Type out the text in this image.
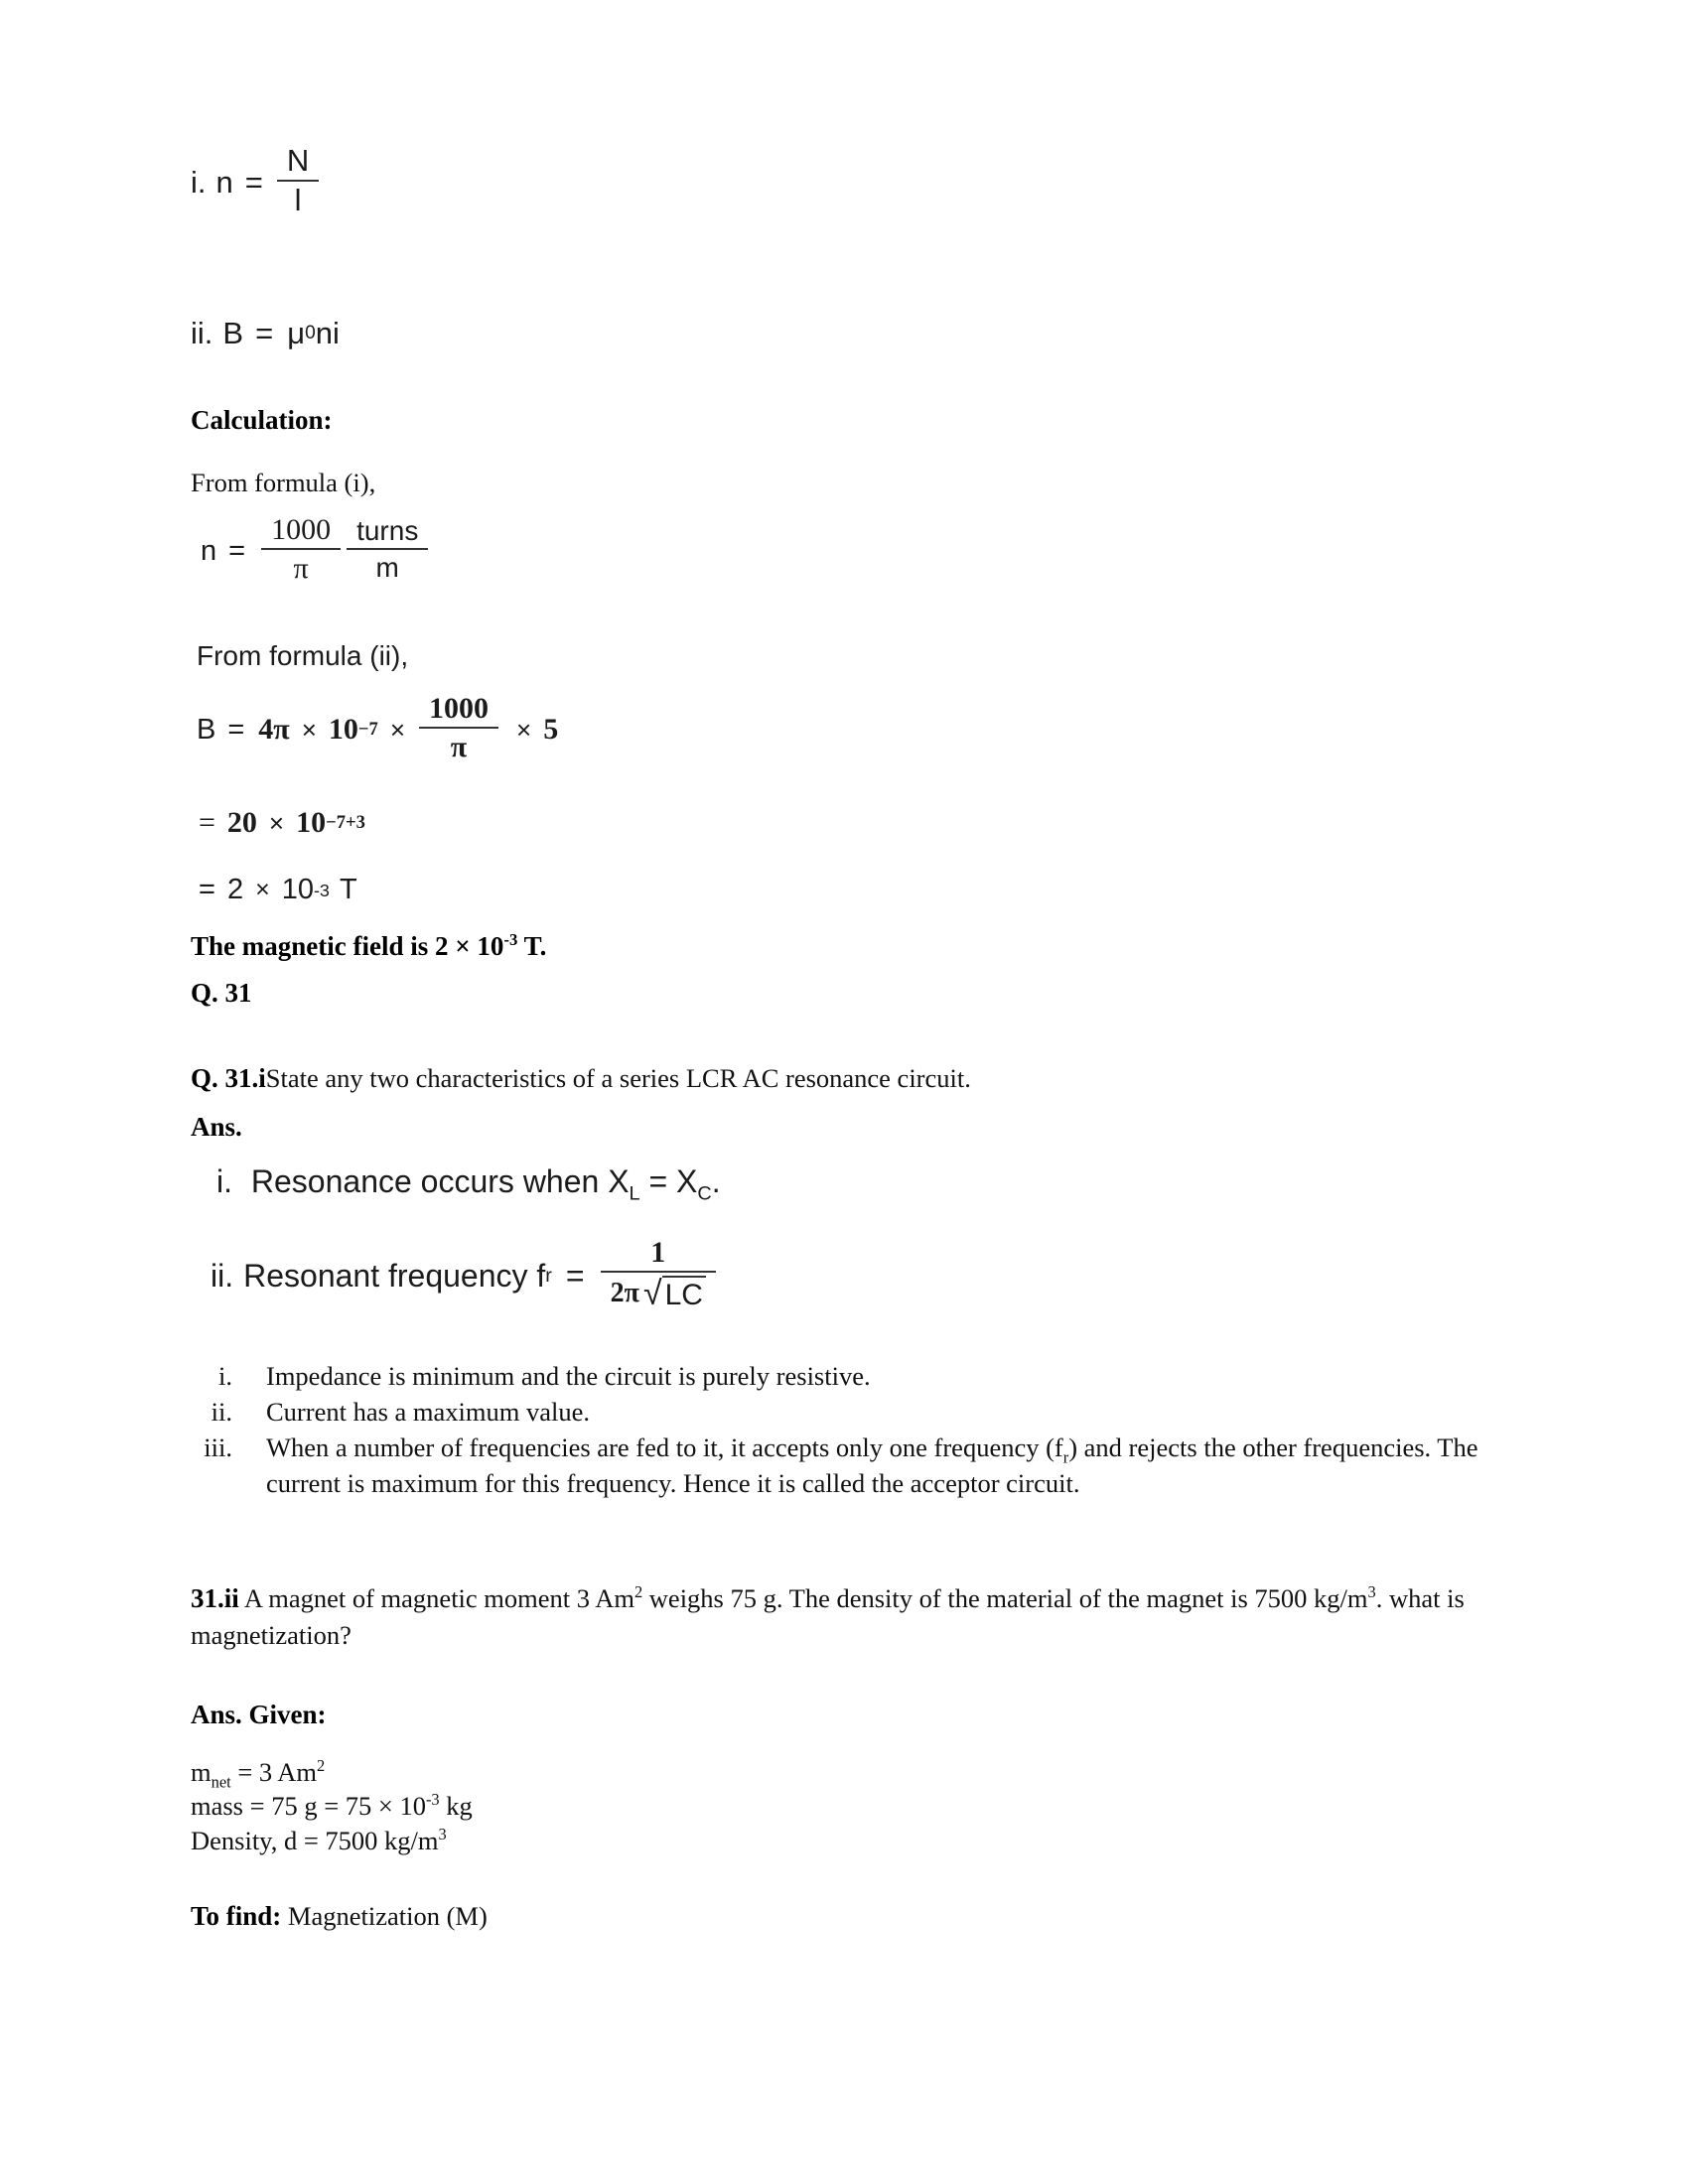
i. $n = \frac{N}{l}$
ii. B = μ 0 ni
Calculation:
From formula (i),
$n = \frac{1000}{\pi} \frac{\text{turns}}{m}$
From formula (ii),
$B = 4\pi \times 10 -7 \times \frac{1000}{\pi} \times 5$
= 20 × 10 −7+3
= 2 × 10 -3 T
The magnetic field is $2 \times 10^{-3}$ T.
Q. 31
Q. 31.iState any two characteristics of a series LCR AC resonance circuit.
Ans.
i. Resonance occurs when $X_L = X_C$.
ii. Resonant frequency f $r = \frac{1}{2\pi √ LC}$
i.	Impedance is minimum and the circuit is purely resistive.
ii.	Current has a maximum value.
iii.	When a number of frequencies are fed to it, it accepts only one frequency $(f_r)$ and rejects the other frequencies. The current is maximum for this frequency. Hence it is called the acceptor circuit.
31.ii A magnet of magnetic moment 3 Am$^2$ weighs 75 g. The density of the material of the magnet is 7500 $kg/m^3$. what is magnetization?
Ans. Given:
$m_{net} = 3$ Am$^2$
mass = 75 $g = 75 \times 10^{-3}$ kg
Density, d = 7500 $kg/m^3$
To find: Magnetization (M)
